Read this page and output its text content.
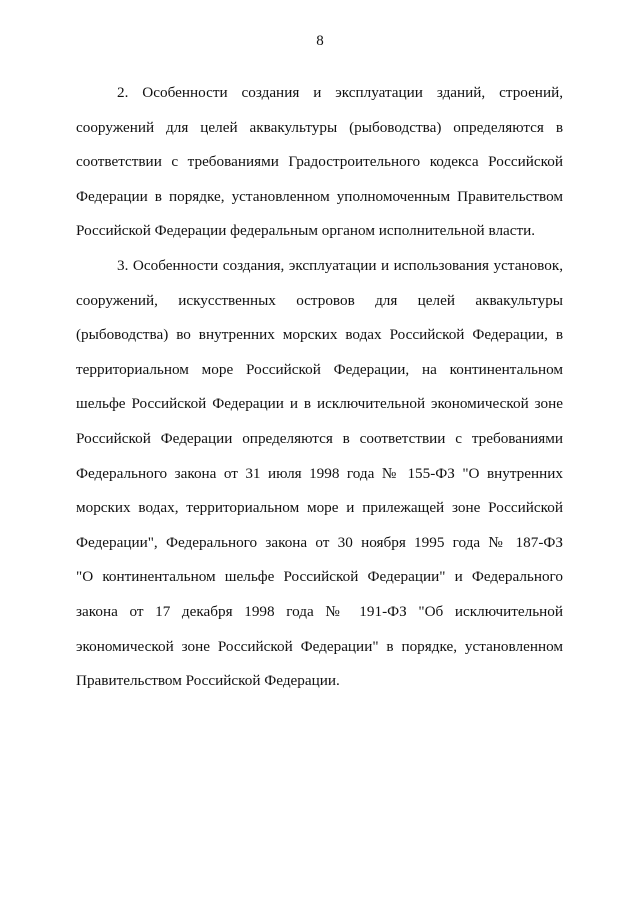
8

2. Особенности создания и эксплуатации зданий, строений,
сооружений для целей аквакультуры (рыбоводства) определяются в
соответствии с требованиями Градостроительного кодекса Российской
Федерации в порядке, установленном уполномоченным Правительством
Российской Федерации федеральным органом исполнительной власти.

3. Особенности создания, эксплуатации и использования установок,
сооружений, искусственных островов для целей аквакультуры
(рыбоводства) во внутренних морских водах Российской Федерации, в
территориальном море Российской Федерации, на континентальном
шельфе Российской Федерации и в исключительной экономической зоне
Российской Федерации определяются в соответствии с требованиями
Федерального закона от 31 июля 1998 года № 155-ФЗ "О внутренних
морских водах, территориальном море и прилежащей зоне Российской
Федерации", Федерального закона от 30 ноября 1995 года № 187-ФЗ
"О континентальном шельфе Российской Федерации" и Федерального
закона от 17 декабря 1998 года № 191-ФЗ "Об исключительной
экономической зоне Российской Федерации" в порядке, установленном
Правительством Российской Федерации.
